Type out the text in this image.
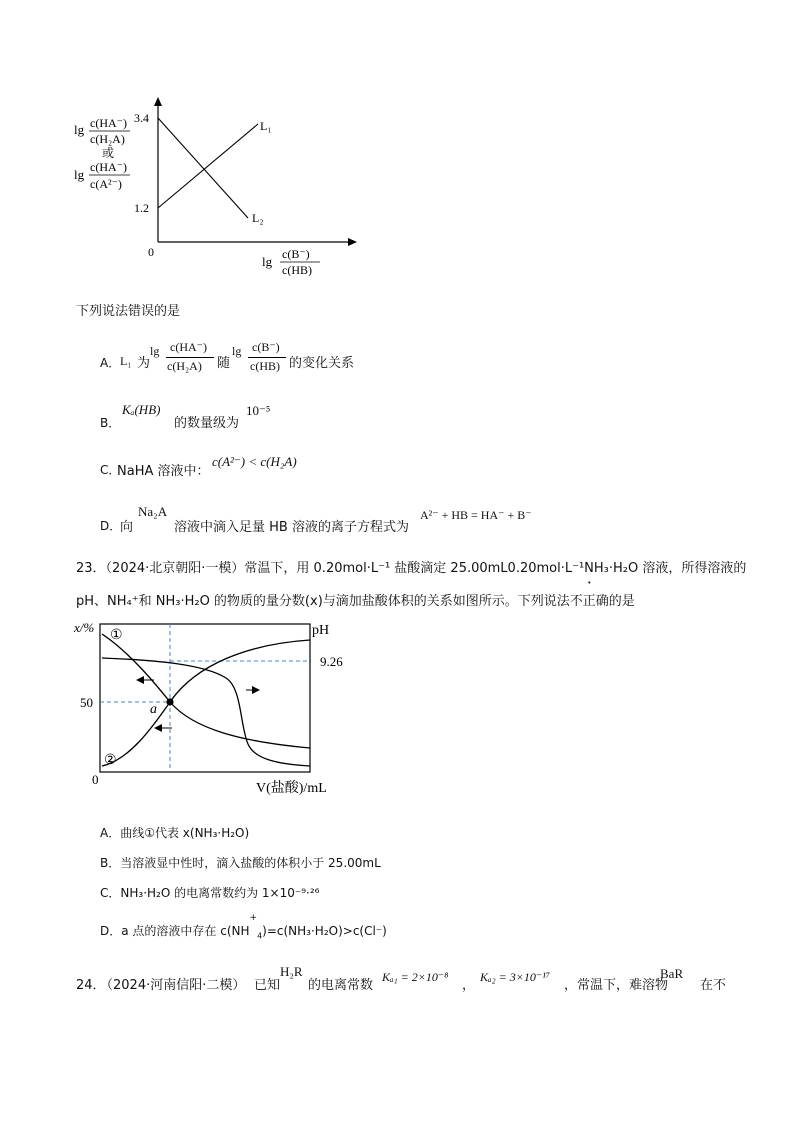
3.4
1.2
0
L₁
L₂
lg c(HA⁻)
c(H₂A)
或
lg c(HA⁻)
c(A²⁻)
lg c(B⁻)
c(HB)
下列说法错误的是
A． L₁ 为
lg c(HA⁻)
c(H₂A) 随
lg c(B⁻)
c(HB) 的变化关系
B．
Kₐ(HB)
的数量级为
10⁻⁵
C．
NaHA 溶液中：
c(A²⁻) < c(H₂A)
D．
向
Na₂A
溶液中滴入足量 HB 溶液的离子方程式为
A²⁻ + HB = HA⁻ + B⁻
23．（2024·北京朝阳·一模）常温下，用 0.20mol·L⁻¹ 盐酸滴定 25.00mL0.20mol·L⁻¹NH₃·H₂O 溶液，所得溶液的
pH、NH₄⁺和 NH₃·H₂O 的物质的量分数(x)与滴加盐酸体积的关系如图所示。下列说法不正确的是
a
x/%	pH
50
9.26
0
①
②
V(盐酸)/mL
A．曲线①代表 x(NH₃·H₂O)
B．当溶液显中性时，滴入盐酸的体积小于 25.00mL
C．NH₃·H₂O 的电离常数约为 1×10⁻⁹·²⁶
D．a 点的溶液中存在 $c(NH^+_4)=c(NH_3\cdot H_2O)>c(Cl^-)$
24．
（2024·河南信阳·二模） 已知
H₂R
的电离常数
Kₐ₁ = 2×10⁻⁸
，
Kₐ₂ = 3×10⁻¹⁷
，常温下，难溶物
BaR
在不
